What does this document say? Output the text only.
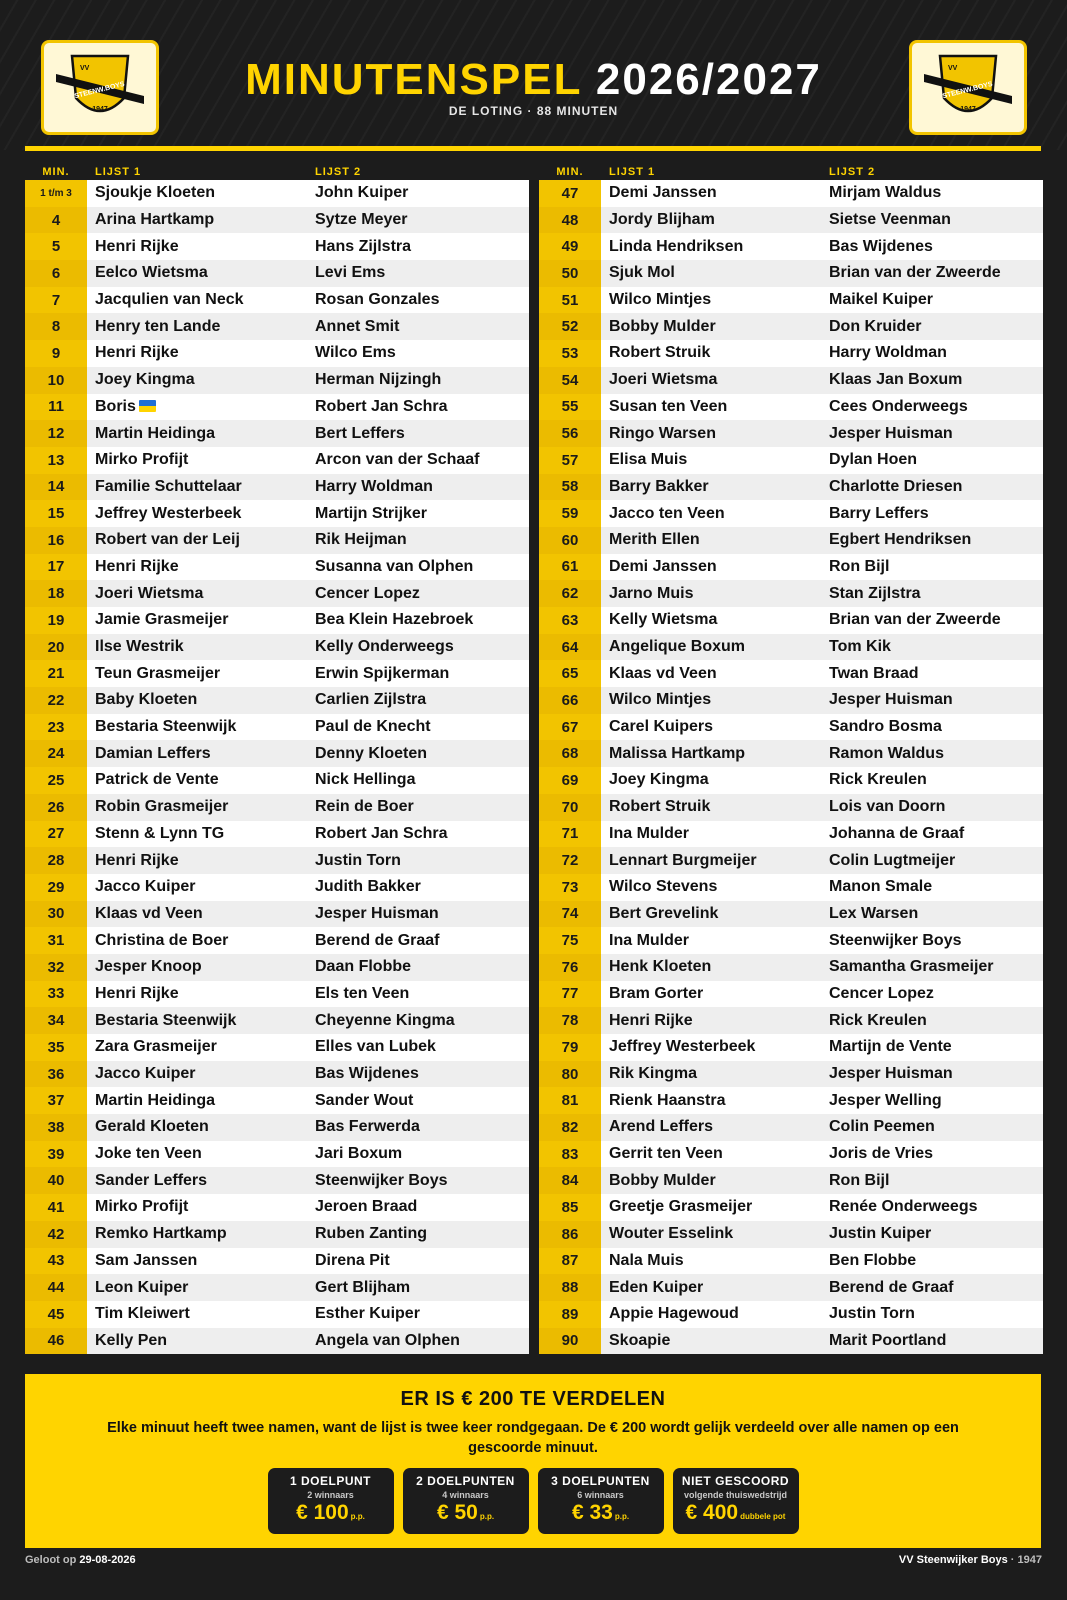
VV
STEENW.BOYS
1947
MINUTENSPEL 2026/2027
DE LOTING · 88 MINUTEN
VV
STEENW.BOYS
1947
MIN.	LIJST 1	LIJST 2
1 t/m 3	Sjoukje Kloeten	John Kuiper
4	Arina Hartkamp	Sytze Meyer
5	Henri Rijke	Hans Zijlstra
6	Eelco Wietsma	Levi Ems
7	Jacqulien van Neck	Rosan Gonzales
8	Henry ten Lande	Annet Smit
9	Henri Rijke	Wilco Ems
10	Joey Kingma	Herman Nijzingh
11	Boris	Robert Jan Schra
12	Martin Heidinga	Bert Leffers
13	Mirko Profijt	Arcon van der Schaaf
14	Familie Schuttelaar	Harry Woldman
15	Jeffrey Westerbeek	Martijn Strijker
16	Robert van der Leij	Rik Heijman
17	Henri Rijke	Susanna van Olphen
18	Joeri Wietsma	Cencer Lopez
19	Jamie Grasmeijer	Bea Klein Hazebroek
20	Ilse Westrik	Kelly Onderweegs
21	Teun Grasmeijer	Erwin Spijkerman
22	Baby Kloeten	Carlien Zijlstra
23	Bestaria Steenwijk	Paul de Knecht
24	Damian Leffers	Denny Kloeten
25	Patrick de Vente	Nick Hellinga
26	Robin Grasmeijer	Rein de Boer
27	Stenn & Lynn TG	Robert Jan Schra
28	Henri Rijke	Justin Torn
29	Jacco Kuiper	Judith Bakker
30	Klaas vd Veen	Jesper Huisman
31	Christina de Boer	Berend de Graaf
32	Jesper Knoop	Daan Flobbe
33	Henri Rijke	Els ten Veen
34	Bestaria Steenwijk	Cheyenne Kingma
35	Zara Grasmeijer	Elles van Lubek
36	Jacco Kuiper	Bas Wijdenes
37	Martin Heidinga	Sander Wout
38	Gerald Kloeten	Bas Ferwerda
39	Joke ten Veen	Jari Boxum
40	Sander Leffers	Steenwijker Boys
41	Mirko Profijt	Jeroen Braad
42	Remko Hartkamp	Ruben Zanting
43	Sam Janssen	Direna Pit
44	Leon Kuiper	Gert Blijham
45	Tim Kleiwert	Esther Kuiper
46	Kelly Pen	Angela van Olphen
MIN.	LIJST 1	LIJST 2
47	Demi Janssen	Mirjam Waldus
48	Jordy Blijham	Sietse Veenman
49	Linda Hendriksen	Bas Wijdenes
50	Sjuk Mol	Brian van der Zweerde
51	Wilco Mintjes	Maikel Kuiper
52	Bobby Mulder	Don Kruider
53	Robert Struik	Harry Woldman
54	Joeri Wietsma	Klaas Jan Boxum
55	Susan ten Veen	Cees Onderweegs
56	Ringo Warsen	Jesper Huisman
57	Elisa Muis	Dylan Hoen
58	Barry Bakker	Charlotte Driesen
59	Jacco ten Veen	Barry Leffers
60	Merith Ellen	Egbert Hendriksen
61	Demi Janssen	Ron Bijl
62	Jarno Muis	Stan Zijlstra
63	Kelly Wietsma	Brian van der Zweerde
64	Angelique Boxum	Tom Kik
65	Klaas vd Veen	Twan Braad
66	Wilco Mintjes	Jesper Huisman
67	Carel Kuipers	Sandro Bosma
68	Malissa Hartkamp	Ramon Waldus
69	Joey Kingma	Rick Kreulen
70	Robert Struik	Lois van Doorn
71	Ina Mulder	Johanna de Graaf
72	Lennart Burgmeijer	Colin Lugtmeijer
73	Wilco Stevens	Manon Smale
74	Bert Grevelink	Lex Warsen
75	Ina Mulder	Steenwijker Boys
76	Henk Kloeten	Samantha Grasmeijer
77	Bram Gorter	Cencer Lopez
78	Henri Rijke	Rick Kreulen
79	Jeffrey Westerbeek	Martijn de Vente
80	Rik Kingma	Jesper Huisman
81	Rienk Haanstra	Jesper Welling
82	Arend Leffers	Colin Peemen
83	Gerrit ten Veen	Joris de Vries
84	Bobby Mulder	Ron Bijl
85	Greetje Grasmeijer	Renée Onderweegs
86	Wouter Esselink	Justin Kuiper
87	Nala Muis	Ben Flobbe
88	Eden Kuiper	Berend de Graaf
89	Appie Hagewoud	Justin Torn
90	Skoapie	Marit Poortland
ER IS € 200 TE VERDELEN

Elke minuut heeft twee namen, want de lijst is twee keer rondgegaan. De € 200 wordt gelijk verdeeld over alle namen op een gescoorde minuut.

1 DOELPUNT
2 winnaars
€ 100 p.p.
2 DOELPUNTEN
4 winnaars
€ 50 p.p.
3 DOELPUNTEN
6 winnaars
€ 33 p.p.
NIET GESCOORD
volgende thuiswedstrijd
€ 400 dubbele pot
Geloot op 29-08-2026	VV Steenwijker Boys · 1947
